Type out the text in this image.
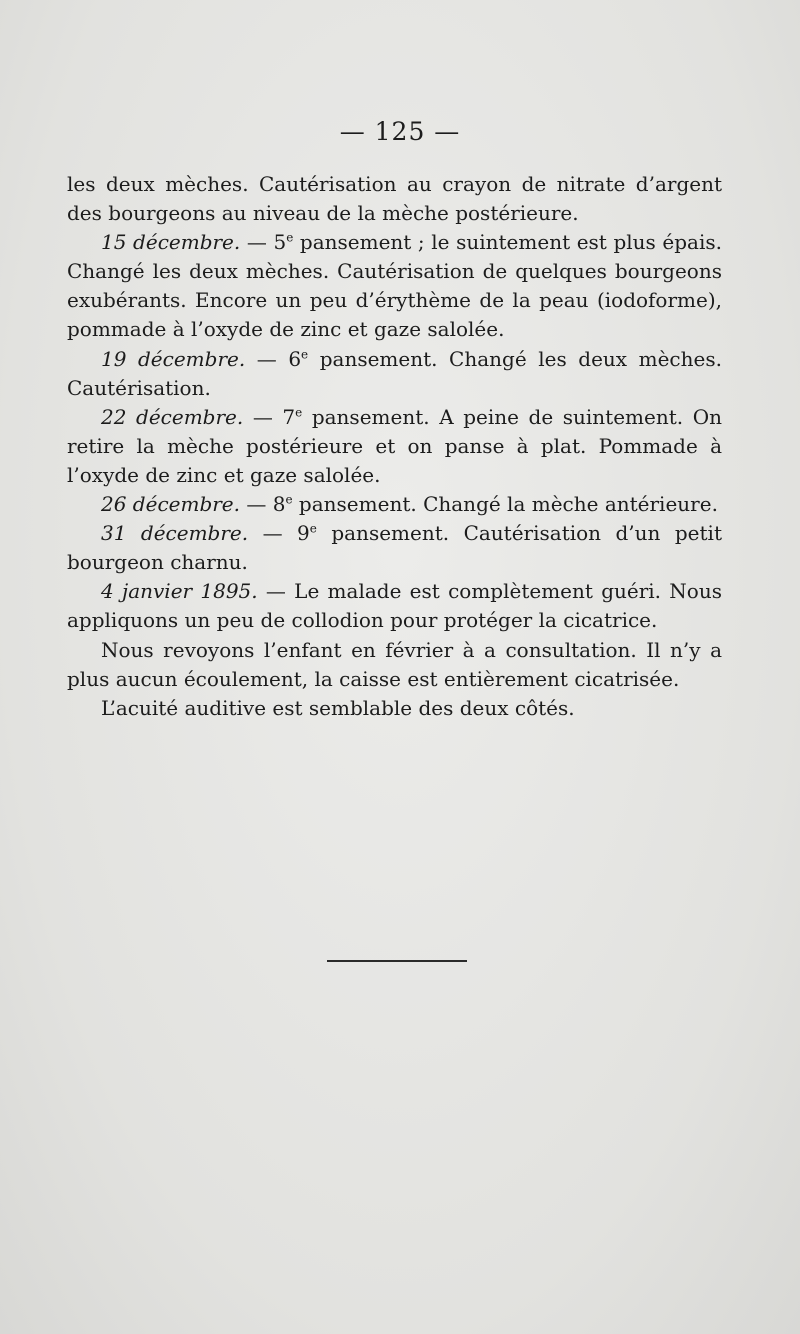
— 125 —

les deux mèches. Cautérisation au crayon de nitrate d’argent des bourgeons au niveau de la mèche postérieure.

15 décembre. — 5e pansement ; le suintement est plus épais. Changé les deux mèches. Cautérisation de quelques bourgeons exubérants. Encore un peu d’érythème de la peau (iodoforme), pommade à l’oxyde de zinc et gaze salolée.

19 décembre. — 6e pansement. Changé les deux mèches. Cautérisation.

22 décembre. — 7e pansement. A peine de suintement. On retire la mèche postérieure et on panse à plat. Pommade à l’oxyde de zinc et gaze salolée.

26 décembre. — 8e pansement. Changé la mèche antérieure.

31 décembre. — 9e pansement. Cautérisation d’un petit bourgeon charnu.

4 janvier 1895. — Le malade est complètement guéri. Nous appliquons un peu de collodion pour protéger la cicatrice.

Nous revoyons l’enfant en février à a consultation. Il n’y a plus aucun écoulement, la caisse est entièrement cicatrisée.

L’acuité auditive est semblable des deux côtés.
